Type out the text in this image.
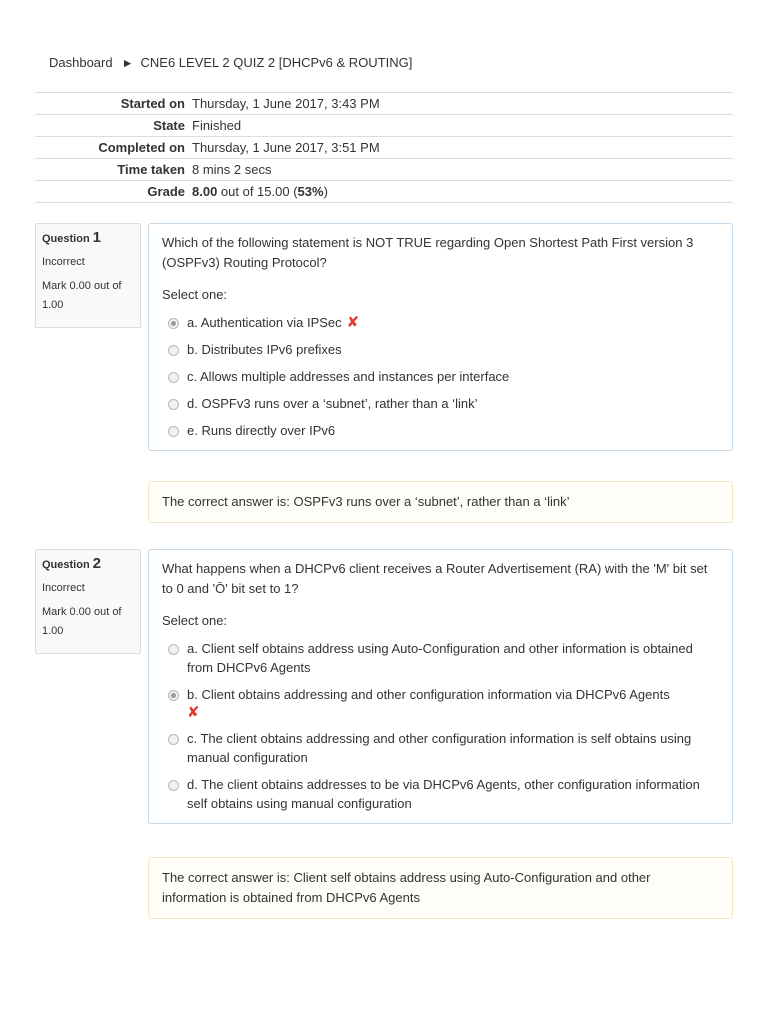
Dashboard ► CNE6 LEVEL 2 QUIZ 2 [DHCPv6 & ROUTING]
Started on	Thursday, 1 June 2017, 3:43 PM
State	Finished
Completed on	Thursday, 1 June 2017, 3:51 PM
Time taken	8 mins 2 secs
Grade	8.00 out of 15.00 (53%)
Question 1
Incorrect
Mark 0.00 out of 1.00
Which of the following statement is NOT TRUE regarding Open Shortest Path First version 3 (OSPFv3) Routing Protocol?
Select one:
a. Authentication via IPSec ✘
b. Distributes IPv6 prefixes
c. Allows multiple addresses and instances per interface
d. OSPFv3 runs over a ‘subnet’, rather than a ‘link’
e. Runs directly over IPv6
The correct answer is: OSPFv3 runs over a ‘subnet’, rather than a ‘link’
Question 2
Incorrect
Mark 0.00 out of 1.00
What happens when a DHCPv6 client receives a Router Advertisement (RA) with the 'M' bit set to 0 and 'Ō' bit set to 1?
Select one:
a. Client self obtains address using Auto-Configuration and other information is obtained from DHCPv6 Agents
b. Client obtains addressing and other configuration information via DHCPv6 Agents
✘
c. The client obtains addressing and other configuration information is self obtains using manual configuration
d. The client obtains addresses to be via DHCPv6 Agents, other configuration information self obtains using manual configuration
The correct answer is: Client self obtains address using Auto-Configuration and other information is obtained from DHCPv6 Agents
